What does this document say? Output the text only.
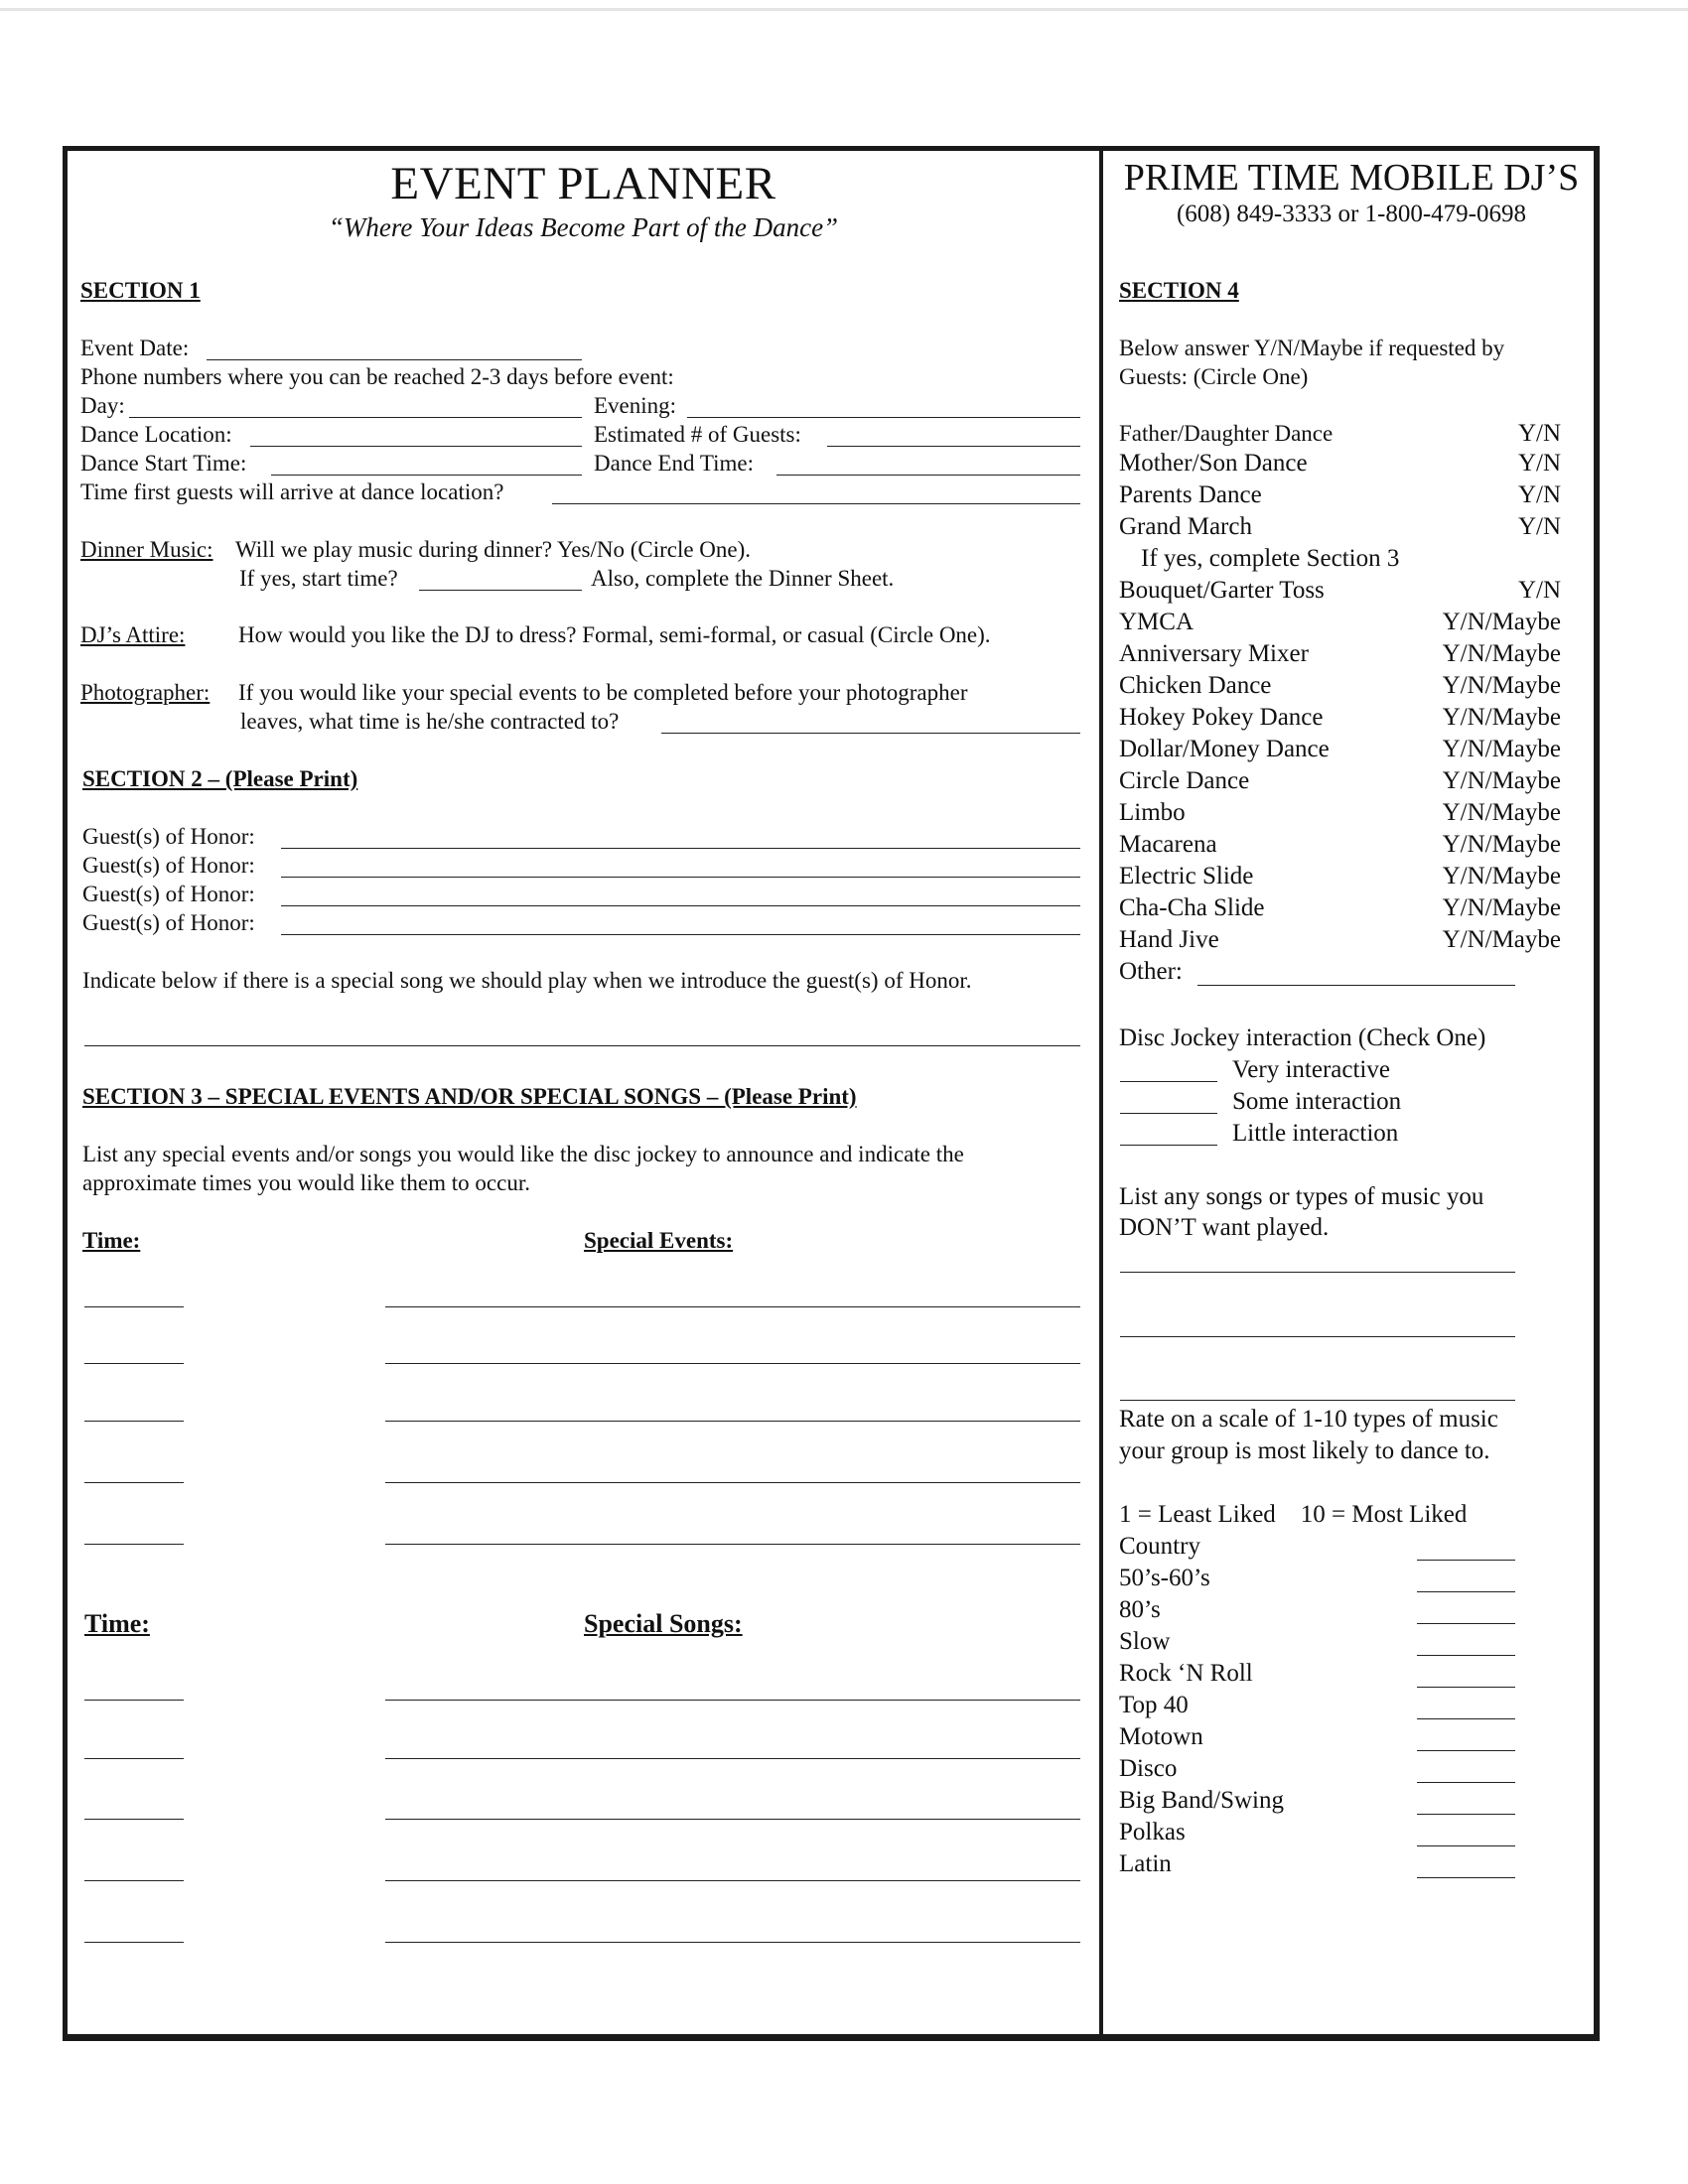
EVENT PLANNER
“Where Your Ideas Become Part of the Dance”
PRIME TIME MOBILE DJ’S
(608) 849-3333 or 1-800-479-0698
SECTION 1
Event Date:
Phone numbers where you can be reached 2-3 days before event:
Day:	Evening:
Dance Location:	Estimated # of Guests:
Dance Start Time:	Dance End Time:
Time first guests will arrive at dance location?
Dinner Music: Will we play music during dinner? Yes/No (Circle One).
If yes, start time?	Also, complete the Dinner Sheet.
DJ’s Attire: How would you like the DJ to dress? Formal, semi-formal, or casual (Circle One).
Photographer: If you would like your special events to be completed before your photographer
leaves, what time is he/she contracted to?
SECTION 2 – (Please Print)
Guest(s) of Honor:
Guest(s) of Honor:
Guest(s) of Honor:
Guest(s) of Honor:
Indicate below if there is a special song we should play when we introduce the guest(s) of Honor.
SECTION 3 – SPECIAL EVENTS AND/OR SPECIAL SONGS – (Please Print)
List any special events and/or songs you would like the disc jockey to announce and indicate the
approximate times you would like them to occur.
Time:	Special Events:
Time:	Special Songs:
SECTION 4
Below answer Y/N/Maybe if requested by
Guests: (Circle One)
Father/Daughter Dance	Y/N
Mother/Son Dance	Y/N
Parents Dance	Y/N
Grand March	Y/N
If yes, complete Section 3
Bouquet/Garter Toss	Y/N
YMCA	Y/N/Maybe
Anniversary Mixer	Y/N/Maybe
Chicken Dance	Y/N/Maybe
Hokey Pokey Dance	Y/N/Maybe
Dollar/Money Dance	Y/N/Maybe
Circle Dance	Y/N/Maybe
Limbo	Y/N/Maybe
Macarena	Y/N/Maybe
Electric Slide	Y/N/Maybe
Cha-Cha Slide	Y/N/Maybe
Hand Jive	Y/N/Maybe
Other:
Disc Jockey interaction (Check One)
Very interactive
Some interaction
Little interaction
List any songs or types of music you
DON’T want played.
Rate on a scale of 1-10 types of music
your group is most likely to dance to.
1 = Least Liked    10 = Most Liked
Country
50’s-60’s
80’s
Slow
Rock ‘N Roll
Top 40
Motown
Disco
Big Band/Swing
Polkas
Latin
